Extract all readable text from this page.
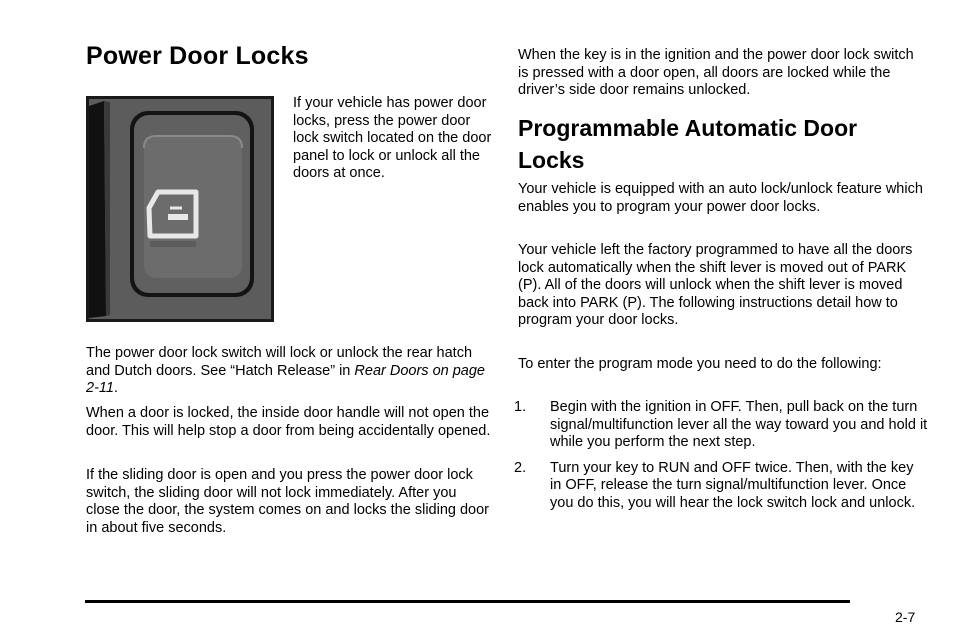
Power Door Locks

If your vehicle has power door locks, press the power door lock switch located on the door panel to lock or unlock all the doors at once.

The power door lock switch will lock or unlock the rear hatch and Dutch doors. See “Hatch Release” in Rear Doors on page 2-11.

When a door is locked, the inside door handle will not open the door. This will help stop a door from being accidentally opened.

If the sliding door is open and you press the power door lock switch, the sliding door will not lock immediately. After you close the door, the system comes on and locks the sliding door in about five seconds.

When the key is in the ignition and the power door lock switch is pressed with a door open, all doors are locked while the driver’s side door remains unlocked.

Programmable Automatic Door Locks

Your vehicle is equipped with an auto lock/unlock feature which enables you to program your power door locks.

Your vehicle left the factory programmed to have all the doors lock automatically when the shift lever is moved out of PARK (P). All of the doors will unlock when the shift lever is moved back into PARK (P). The following instructions detail how to program your door locks.

To enter the program mode you need to do the following:

1. Begin with the ignition in OFF. Then, pull back on the turn signal/multifunction lever all the way toward you and hold it while you perform the next step.

2. Turn your key to RUN and OFF twice. Then, with the key in OFF, release the turn signal/multifunction lever. Once you do this, you will hear the lock switch lock and unlock.

2-7
